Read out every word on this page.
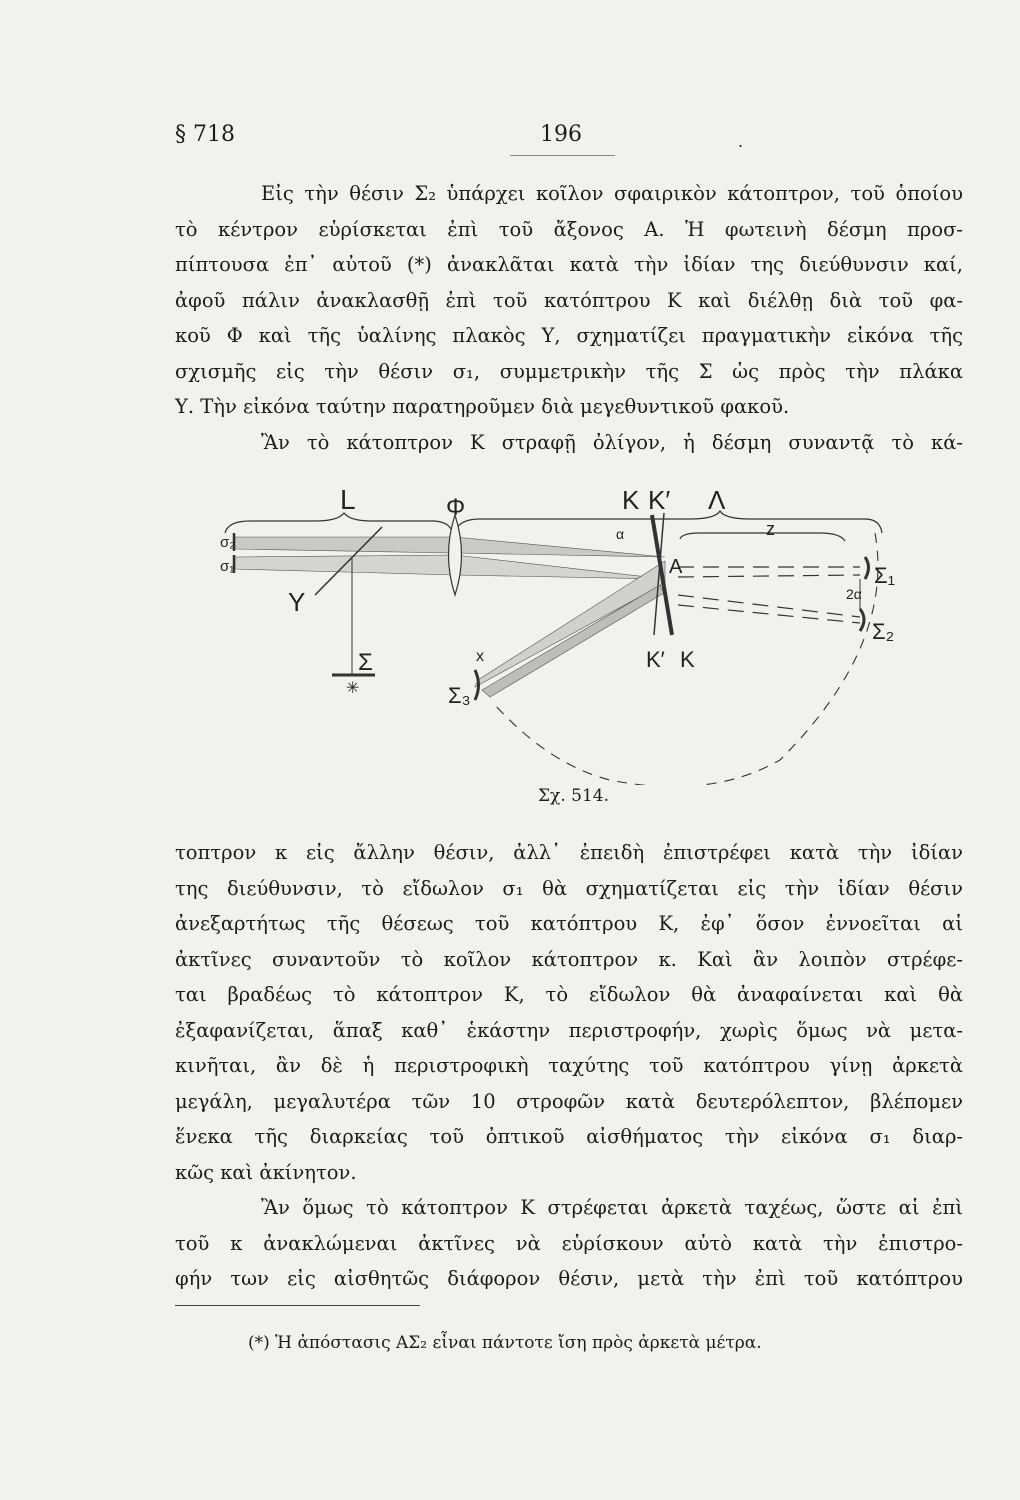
§ 718	196	.
Εἰς τὴν θέσιν Σ₂ ὑπάρχει κοῖλον σφαιρικὸν κάτοπτρον, τοῦ ὁποίου
τὸ κέντρον εὑρίσκεται ἐπὶ τοῦ ἄξονος Α. Ἡ φωτεινὴ δέσμη προσ-
πίπτουσα ἐπ᾽ αὐτοῦ (*) ἀνακλᾶται κατὰ τὴν ἰδίαν της διεύθυνσιν καί,
ἀφοῦ πάλιν ἀνακλασθῇ ἐπὶ τοῦ κατόπτρου Κ καὶ διέλθῃ διὰ τοῦ φα-
κοῦ Φ καὶ τῆς ὑαλίνης πλακὸς Υ, σχηματίζει πραγματικὴν εἰκόνα τῆς
σχισμῆς εἰς τὴν θέσιν σ₁, συμμετρικὴν τῆς Σ ὡς πρὸς τὴν πλάκα
Υ. Τὴν εἰκόνα ταύτην παρατηροῦμεν διὰ μεγεθυντικοῦ φακοῦ.
Ἂν τὸ κάτοπτρον Κ στραφῇ ὀλίγον, ἡ δέσμη συναντᾷ τὸ κά-
✳
L	Φ	K K′ Λ
σ₂
σ₁
Y
Σ
α
A
z
Σ₁
2α
Σ₂
K′ K
x
Σ₃
Σχ. 514.
τοπτρον κ εἰς ἄλλην θέσιν, ἀλλ᾽ ἐπειδὴ ἐπιστρέφει κατὰ τὴν ἰδίαν
της διεύθυνσιν, τὸ εἴδωλον σ₁ θὰ σχηματίζεται εἰς τὴν ἰδίαν θέσιν
ἀνεξαρτήτως τῆς θέσεως τοῦ κατόπτρου Κ, ἐφ᾽ ὅσον ἐννοεῖται αἱ
ἀκτῖνες συναντοῦν τὸ κοῖλον κάτοπτρον κ. Καὶ ἂν λοιπὸν στρέφε-
ται βραδέως τὸ κάτοπτρον Κ, τὸ εἴδωλον θὰ ἀναφαίνεται καὶ θὰ
ἐξαφανίζεται, ἅπαξ καθ᾽ ἑκάστην περιστροφήν, χωρὶς ὅμως νὰ μετα-
κινῆται, ἂν δὲ ἡ περιστροφικὴ ταχύτης τοῦ κατόπτρου γίνῃ ἀρκετὰ
μεγάλη, μεγαλυτέρα τῶν 10 στροφῶν κατὰ δευτερόλεπτον, βλέπομεν
ἕνεκα τῆς διαρκείας τοῦ ὀπτικοῦ αἰσθήματος τὴν εἰκόνα σ₁ διαρ-
κῶς καὶ ἀκίνητον.
Ἂν ὅμως τὸ κάτοπτρον Κ στρέφεται ἀρκετὰ ταχέως, ὥστε αἱ ἐπὶ
τοῦ κ ἀνακλώμεναι ἀκτῖνες νὰ εὑρίσκουν αὐτὸ κατὰ τὴν ἐπιστρο-
φήν των εἰς αἰσθητῶς διάφορον θέσιν, μετὰ τὴν ἐπὶ τοῦ κατόπτρου
(*) Ἡ ἀπόστασις ΑΣ₂ εἶναι πάντοτε ἴση πρὸς ἀρκετὰ μέτρα.
